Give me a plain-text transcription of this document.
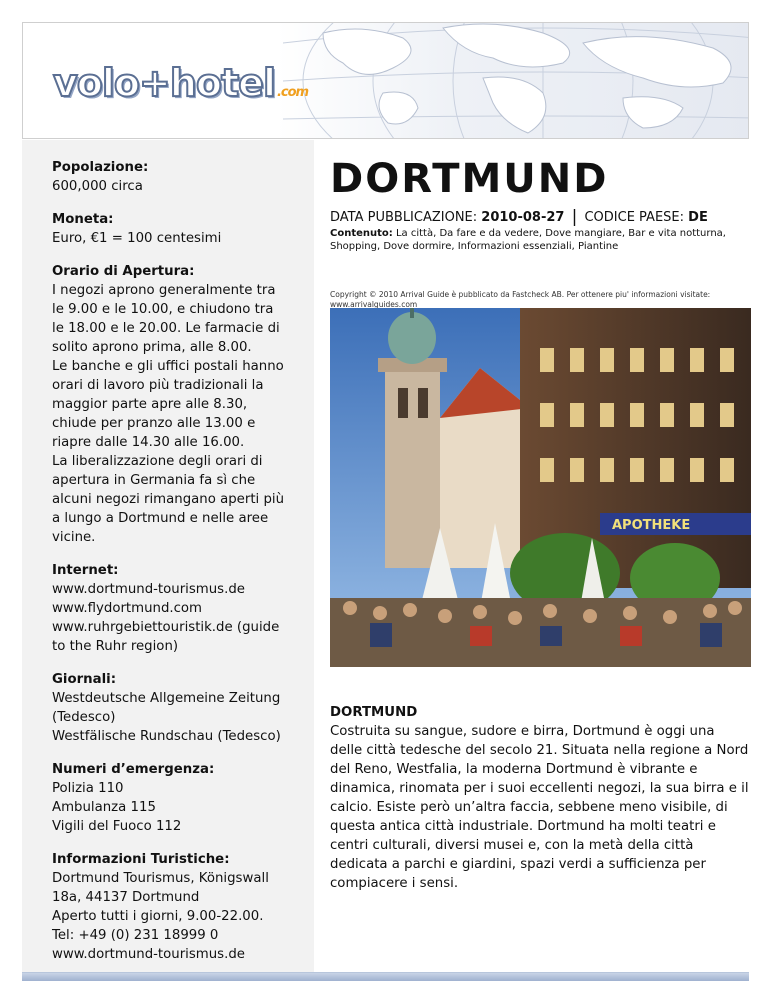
volo+hotel .com
Popolazione:
600,000 circa
Moneta:
Euro, €1 = 100 centesimi
Orario di Apertura:
I negozi aprono generalmente tra
le 9.00 e le 10.00, e chiudono tra
le 18.00 e le 20.00. Le farmacie di
solito aprono prima, alle 8.00.
Le banche e gli uffici postali hanno
orari di lavoro più tradizionali la
maggior parte apre alle 8.30,
chiude per pranzo alle 13.00 e
riapre dalle 14.30 alle 16.00.
La liberalizzazione degli orari di
apertura in Germania fa sì che
alcuni negozi rimangano aperti più
a lungo a Dortmund e nelle aree
vicine.
Internet:
www.dortmund-tourismus.de
www.flydortmund.com
www.ruhrgebiettouristik.de (guide
to the Ruhr region)
Giornali:
Westdeutsche Allgemeine Zeitung
(Tedesco)
Westfälische Rundschau (Tedesco)
Numeri d’emergenza:
Polizia 110
Ambulanza 115
Vigili del Fuoco 112
Informazioni Turistiche:
Dortmund Tourismus, Königswall
18a, 44137 Dortmund
Aperto tutti i giorni, 9.00-22.00.
Tel: +49 (0) 231 18999 0
www.dortmund-tourismus.de
DORTMUND
DATA PUBBLICAZIONE: 2010-08-27 | CODICE PAESE: DE
Contenuto: La città, Da fare e da vedere, Dove mangiare, Bar e vita notturna, Shopping, Dove dormire, Informazioni essenziali, Piantine
Copyright © 2010 Arrival Guide è pubblicato da Fastcheck AB. Per ottenere piu' informazioni visitate: www.arrivalguides.com
APOTHEKE
DORTMUND
Costruita su sangue, sudore e birra, Dortmund è oggi una delle città tedesche del secolo 21. Situata nella regione a Nord del Reno, Westfalia, la moderna Dortmund è vibrante e dinamica, rinomata per i suoi eccellenti negozi, la sua birra e il calcio. Esiste però un’altra faccia, sebbene meno visibile, di questa antica città industriale. Dortmund ha molti teatri e centri culturali, diversi musei e, con la metà della città dedicata a parchi e giardini, spazi verdi a sufficienza per compiacere i sensi.
